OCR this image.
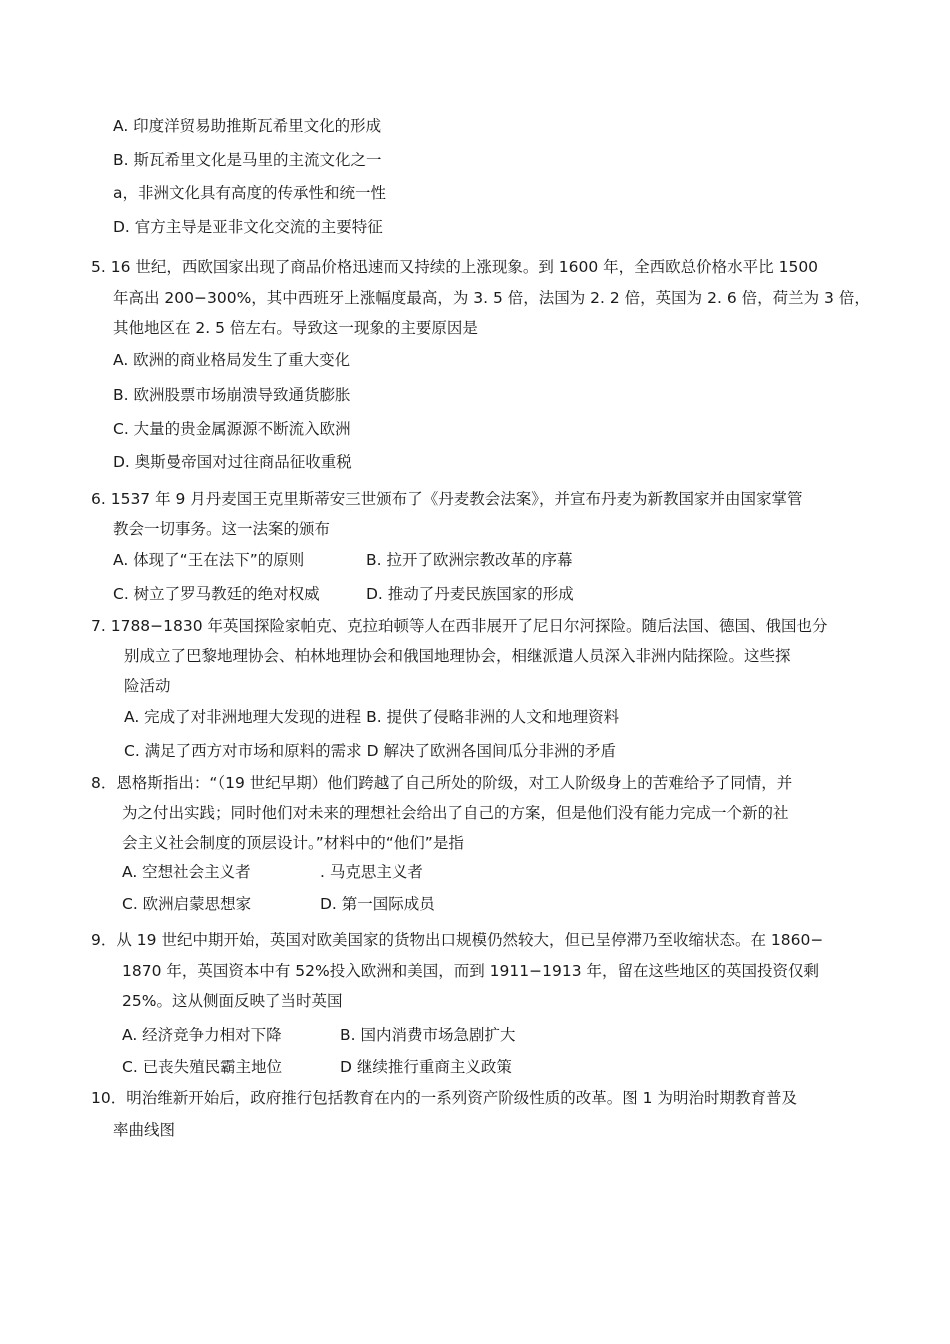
A. 印度洋贸易助推斯瓦希里文化的形成
B. 斯瓦希里文化是马里的主流文化之一
a，非洲文化具有高度的传承性和统一性
D. 官方主导是亚非文化交流的主要特征
5. 16 世纪，西欧国家出现了商品价格迅速而又持续的上涨现象。到 1600 年，全西欧总价格水平比 1500
年高出 200−300%，其中西班牙上涨幅度最高，为 3. 5 倍，法国为 2. 2 倍，英国为 2. 6 倍，荷兰为 3 倍，
其他地区在 2. 5 倍左右。导致这一现象的主要原因是
A. 欧洲的商业格局发生了重大变化
B. 欧洲股票市场崩溃导致通货膨胀
C. 大量的贵金属源源不断流入欧洲
D. 奥斯曼帝国对过往商品征收重税
6. 1537 年 9 月丹麦国王克里斯蒂安三世颁布了《丹麦教会法案》，并宣布丹麦为新教国家并由国家掌管
教会一切事务。这一法案的颁布
A. 体现了“王在法下”的原则	B. 拉开了欧洲宗教改革的序幕
C. 树立了罗马教廷的绝对权威	D. 推动了丹麦民族国家的形成
7. 1788−1830 年英国探险家帕克、克拉珀顿等人在西非展开了尼日尔河探险。随后法国、德国、俄国也分
别成立了巴黎地理协会、柏林地理协会和俄国地理协会，相继派遣人员深入非洲内陆探险。这些探
险活动
A. 完成了对非洲地理大发现的进程 B. 提供了侵略非洲的人文和地理资料
C. 满足了西方对市场和原料的需求 D 解决了欧洲各国间瓜分非洲的矛盾
8．恩格斯指出：“（19 世纪早期）他们跨越了自己所处的阶级，对工人阶级身上的苦难给予了同情，并
为之付出实践；同时他们对未来的理想社会给出了自己的方案，但是他们没有能力完成一个新的社
会主义社会制度的顶层设计。”材料中的“他们”是指
A. 空想社会主义者	. 马克思主义者
C. 欧洲启蒙思想家	D. 第一国际成员
9．从 19 世纪中期开始，英国对欧美国家的货物出口规模仍然较大，但已呈停滞乃至收缩状态。在 1860−
1870 年，英国资本中有 52%投入欧洲和美国，而到 1911−1913 年，留在这些地区的英国投资仅剩
25%。这从侧面反映了当时英国
A. 经济竞争力相对下降	B. 国内消费市场急剧扩大
C. 已丧失殖民霸主地位	D 继续推行重商主义政策
10．明治维新开始后，政府推行包括教育在内的一系列资产阶级性质的改革。图 1 为明治时期教育普及
率曲线图
